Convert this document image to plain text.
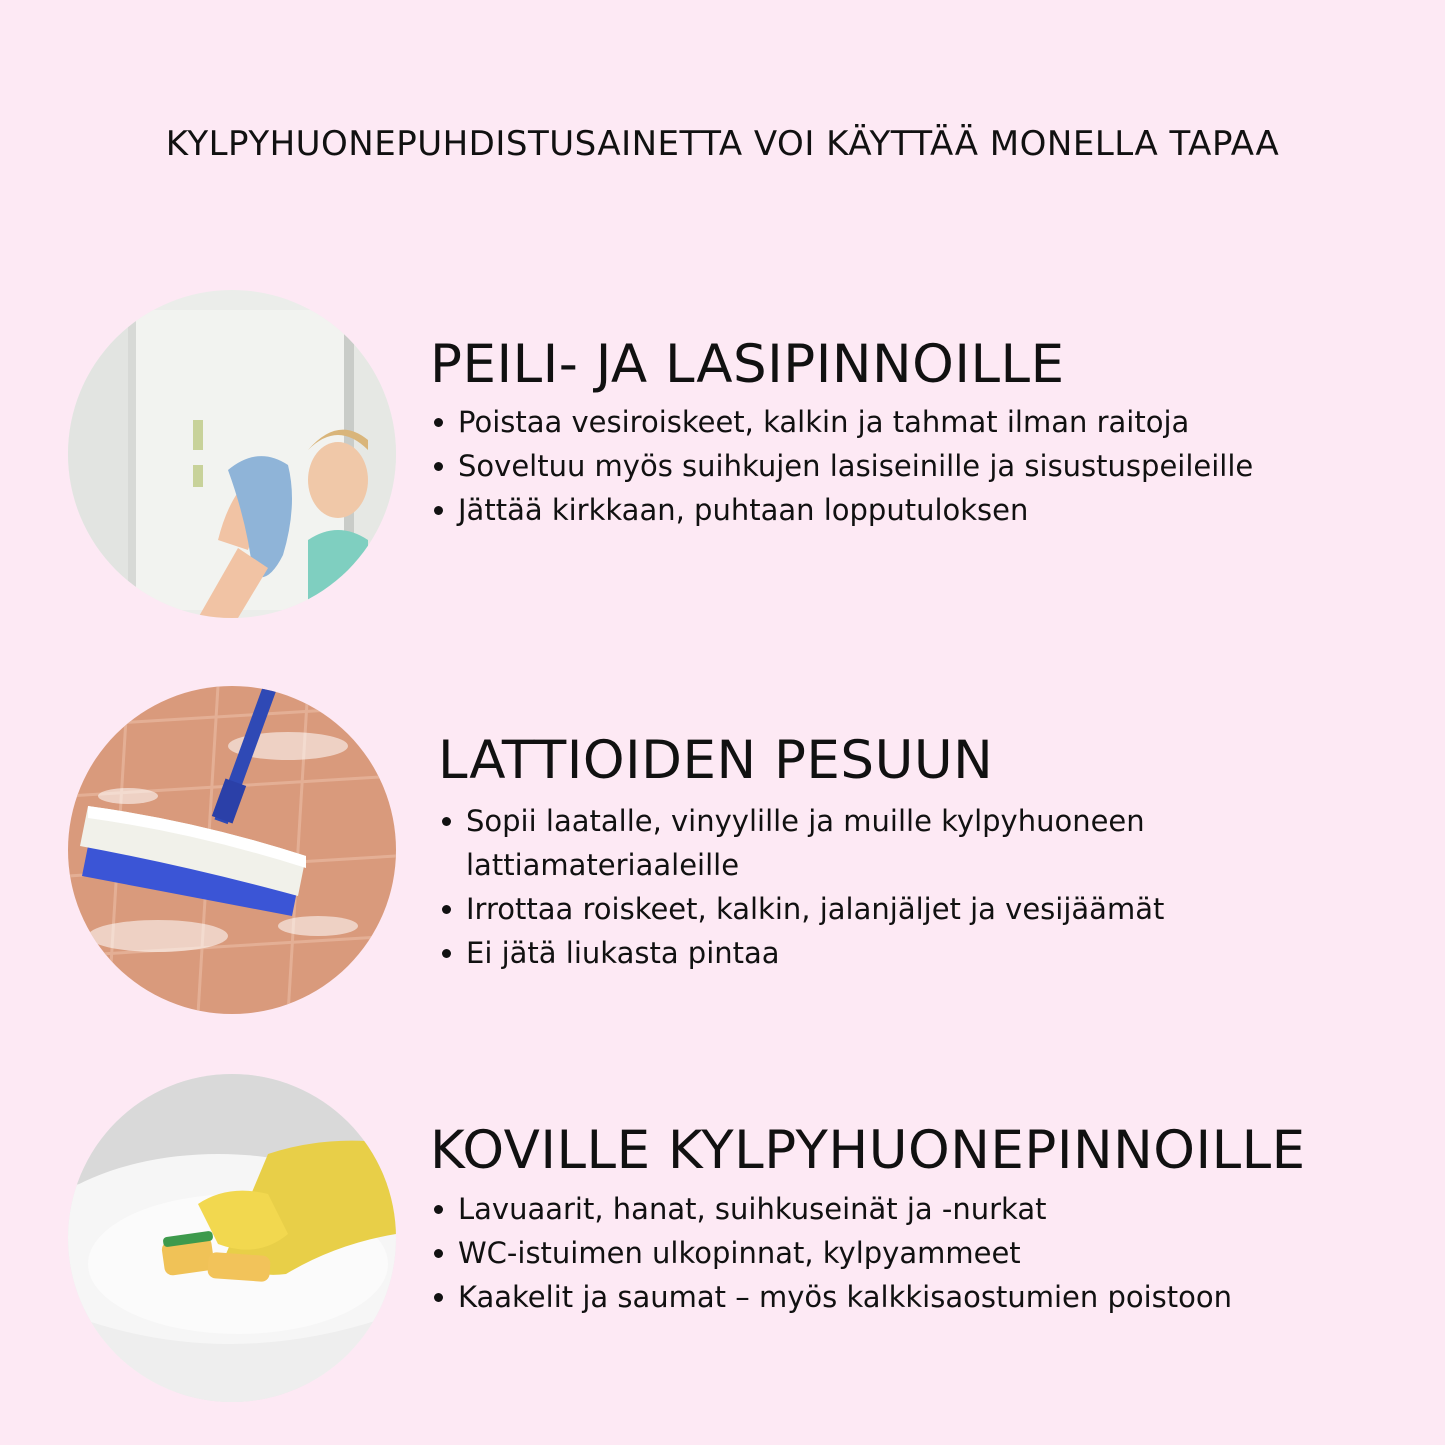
KYLPYHUONEPUHDISTUSAINETTA VOI KÄYTTÄÄ MONELLA TAPAA
PEILI- JA LASIPINNOILLE
Poistaa vesiroiskeet, kalkin ja tahmat ilman raitoja
Soveltuu myös suihkujen lasiseinille ja sisustuspeileille
Jättää kirkkaan, puhtaan lopputuloksen
LATTIOIDEN PESUUN
Sopii laatalle, vinyylille ja muille kylpyhuoneen lattiamateriaaleille
Irrottaa roiskeet, kalkin, jalanjäljet ja vesijäämät
Ei jätä liukasta pintaa
KOVILLE KYLPYHUONEPINNOILLE
Lavuaarit, hanat, suihkuseinät ja -nurkat
WC-istuimen ulkopinnat, kylpyammeet
Kaakelit ja saumat – myös kalkkisaostumien poistoon
